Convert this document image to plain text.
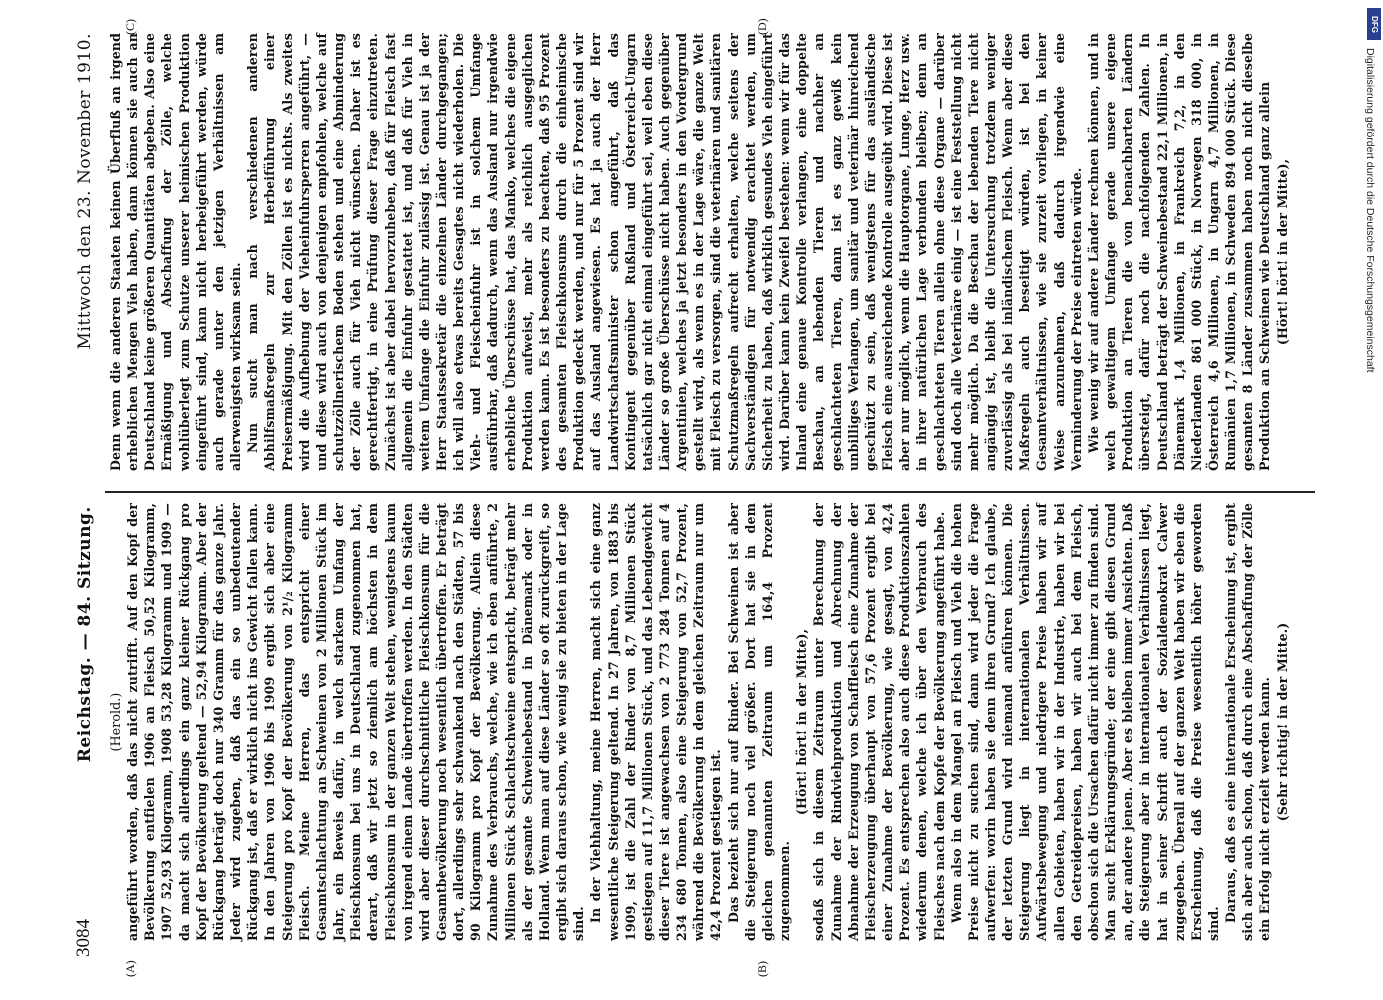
3084
Reichstag. — 84. Sitzung.
Mittwoch den 23. November 1910.
(A)	(B)
(C)	(D)

(Herold.) angeführt worden, daß das nicht zutrifft. Auf den Kopf der Bevölkerung entfielen 1906 an Fleisch 50,52 Kilogramm, 1907 52,93 Kilogramm, 1908 53,28 Kilogramm und 1909 — da macht sich allerdings ein ganz kleiner Rückgang pro Kopf der Bevölkerung geltend — 52,94 Kilogramm. Aber der Rückgang beträgt doch nur 340 Gramm für das ganze Jahr. Jeder wird zugeben, daß das ein so unbedeutender Rückgang ist, daß er wirklich nicht ins Gewicht fallen kann. In den Jahren von 1906 bis 1909 ergibt sich aber eine Steigerung pro Kopf der Bevölkerung von 2¹/₂ Kilogramm Fleisch. Meine Herren, das entspricht einer Gesamtschlachtung an Schweinen von 2 Millionen Stück im Jahr, ein Beweis dafür, in welch starkem Umfang der Fleischkonsum bei uns in Deutschland zugenommen hat, derart, daß wir jetzt so ziemlich am höchsten in dem Fleischkonsum in der ganzen Welt stehen, wenigstens kaum von irgend einem Lande übertroffen werden. In den Städten wird aber dieser durchschnittliche Fleischkonsum für die Gesamtbevölkerung noch wesentlich übertroffen. Er beträgt dort, allerdings sehr schwankend nach den Städten, 57 bis 90 Kilogramm pro Kopf der Bevölkerung. Allein diese Zunahme des Verbrauchs, welche, wie ich eben anführte, 2 Millionen Stück Schlachtschweine entspricht, beträgt mehr als der gesamte Schweinebestand in Dänemark oder in Holland. Wenn man auf diese Länder so oft zurückgreift, so ergibt sich daraus schon, wie wenig sie zu bieten in der Lage sind.

In der Viehhaltung, meine Herren, macht sich eine ganz wesentliche Steigerung geltend. In 27 Jahren, von 1883 bis 1909, ist die Zahl der Rinder von 8,7 Millionen Stück gestiegen auf 11,7 Millionen Stück, und das Lebendgewicht dieser Tiere ist angewachsen von 2 773 284 Tonnen auf 4 234 680 Tonnen, also eine Steigerung von 52,7 Prozent, während die Bevölkerung in dem gleichen Zeitraum nur um 42,4 Prozent gestiegen ist. Das bezieht sich nur auf Rinder. Bei Schweinen ist aber die Steigerung noch viel größer. Dort hat sie in dem gleichen genannten Zeitraum um 164,4 Prozent zugenommen.

(Hört! hört! in der Mitte), sodaß sich in diesem Zeitraum unter Berechnung der Zunahme der Rindviehproduktion und Abrechnung der Abnahme der Erzeugung von Schaffleisch eine Zunahme der Fleischerzeugung überhaupt von 57,6 Prozent ergibt bei einer Zunahme der Bevölkerung, wie gesagt, von 42,4 Prozent. Es entsprechen also auch diese Produktionszahlen wiederum denen, welche ich über den Verbrauch des Fleisches nach dem Kopfe der Bevölkerung angeführt habe. Wenn also in dem Mangel an Fleisch und Vieh die hohen Preise nicht zu suchen sind, dann wird jeder die Frage aufwerfen: worin haben sie denn ihren Grund? Ich glaube, der letzten Grund wird niemand anführen können. Die Steigerung liegt in internationalen Verhältnissen. Aufwärtsbewegung und niedrigere Preise haben wir auf allen Gebieten, haben wir in der Industrie, haben wir bei den Getreidepreisen, haben wir auch bei dem Fleisch, obschon sich die Ursachen dafür nicht immer zu finden sind. Man sucht Erklärungsgründe; der eine gibt diesen Grund an, der andere jenen. Aber es bleiben immer Ansichten. Daß die Steigerung aber in internationalen Verhältnissen liegt, hat in seiner Schrift auch der Sozialdemokrat Calwer zugegeben. Überall auf der ganzen Welt haben wir eben die Erscheinung, daß die Preise wesentlich höher geworden sind.

Daraus, daß es eine internationale Erscheinung ist, ergibt sich aber auch schon, daß durch eine Abschaffung der Zölle ein Erfolg nicht erzielt werden kann. (Sehr richtig! in der Mitte.)

Denn wenn die anderen Staaten keinen Überfluß an irgend erheblichen Mengen Vieh haben, dann können sie auch an Deutschland keine größeren Quantitäten abgeben. Also eine Ermäßigung und Abschaffung der Zölle, welche wohlüberlegt zum Schutze unserer heimischen Produktion eingeführt sind, kann nicht herbeigeführt werden, würde auch gerade unter den jetzigen Verhältnissen am allerwenigsten wirksam sein. Nun sucht man nach verschiedenen anderen Abhilfsmaßregeln zur Herbeiführung einer Preisermäßigung. Mit den Zöllen ist es nichts. Als zweites wird die Aufhebung der Vieheinfuhrsperren angeführt, — und diese wird auch von denjenigen empfohlen, welche auf schutzzöllnerischem Boden stehen und eine Abminderung der Zölle auch für Vieh nicht wünschen. Daher ist es gerechtfertigt, in eine Prüfung dieser Frage einzutreten. Zunächst ist aber dabei hervorzuheben, daß für Fleisch fast allgemein die Einfuhr gestattet ist, und daß für Vieh in weitem Umfange die Einfuhr zulässig ist. Genau ist ja der Herr Staatssekretär die einzelnen Länder durchgegangen; ich will also etwas bereits Gesagtes nicht wiederholen. Die Vieh- und Fleischeinfuhr ist in solchem Umfange ausführbar, daß dadurch, wenn das Ausland nur irgendwie erhebliche Überschüsse hat, das Manko, welches die eigene Produktion aufweist, mehr als reichlich ausgeglichen werden kann. Es ist besonders zu beachten, daß 95 Prozent des gesamten Fleischkonsums durch die einheimische Produktion gedeckt werden, und nur für 5 Prozent sind wir auf das Ausland angewiesen. Es hat ja auch der Herr Landwirtschaftsminister schon angeführt, daß das Kontingent gegenüber Rußland und Österreich-Ungarn tatsächlich gar nicht einmal eingeführt sei, weil eben diese Länder so große Überschüsse nicht haben. Auch gegenüber Argentinien, welches ja jetzt besonders in den Vordergrund gestellt wird, als wenn es in der Lage wäre, die ganze Welt mit Fleisch zu versorgen, sind die veterinären und sanitären Schutzmaßregeln aufrecht erhalten, welche seitens der Sachverständigen für notwendig erachtet werden, um Sicherheit zu haben, daß wirklich gesundes Vieh eingeführt wird. Darüber kann kein Zweifel bestehen: wenn wir für das Inland eine genaue Kontrolle verlangen, eine doppelte Beschau, an lebenden Tieren und nachher an geschlachteten Tieren, dann ist es ganz gewiß kein unbilliges Verlangen, um sanitär und veterinär hinreichend geschützt zu sein, daß wenigstens für das ausländische Fleisch eine ausreichende Kontrolle ausgeübt wird. Diese ist aber nur möglich, wenn die Hauptorgane, Lunge, Herz usw. in ihrer natürlichen Lage verbunden bleiben; denn an geschlachteten Tieren allein ohne diese Organe — darüber sind doch alle Veterinäre einig — ist eine Feststellung nicht mehr möglich. Da die Beschau der lebenden Tiere nicht angängig ist, bleibt die Untersuchung trotzdem weniger zuverlässig als bei inländischem Fleisch. Wenn aber diese Maßregeln auch beseitigt würden, ist bei den Gesamtverhältnissen, wie sie zurzeit vorliegen, in keiner Weise anzunehmen, daß dadurch irgendwie eine Verminderung der Preise eintreten würde. Wie wenig wir auf andere Länder rechnen können, und in welch gewaltigem Umfange gerade unsere eigene Produktion an Tieren die von benachbarten Ländern übersteigt, dafür noch die nachfolgenden Zahlen. In Deutschland beträgt der Schweinebestand 22,1 Millionen, in Dänemark 1,4 Millionen, in Frankreich 7,2, in den Niederlanden 861 000 Stück, in Norwegen 318 000, in Österreich 4,6 Millionen, in Ungarn 4,7 Millionen, in Rumänien 1,7 Millionen, in Schweden 894 000 Stück. Diese gesamten 8 Länder zusammen haben noch nicht dieselbe Produktion an Schweinen wie Deutschland ganz allein (Hört! hört! in der Mitte),

DFG
Digitalisierung gefördert durch die Deutsche Forschungsgemeinschaft
